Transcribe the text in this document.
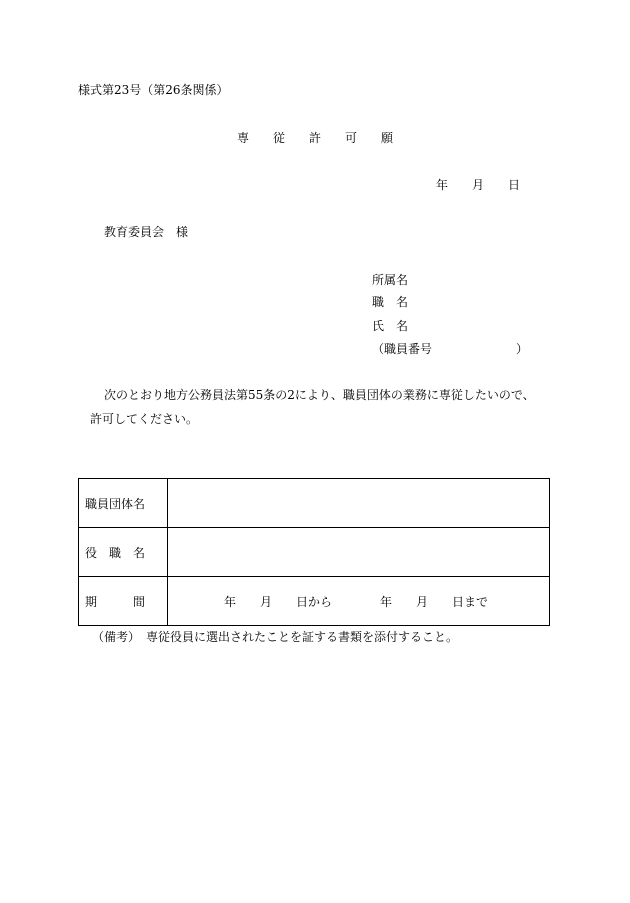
様式第23号（第26条関係）
専　　従　　許　　可　　願
年　　月　　日
教育委員会　様
所属名
職　名
氏　名
（職員番号　　　　　　　）
次のとおり地方公務員法第55条の2により、職員団体の業務に専従したいので、
許可してください。
職員団体名	
役　職　名	
期　　　間	年　　月　　日から　　　　年　　月　　日まで
（備考）　専従役員に選出されたことを証する書類を添付すること。
